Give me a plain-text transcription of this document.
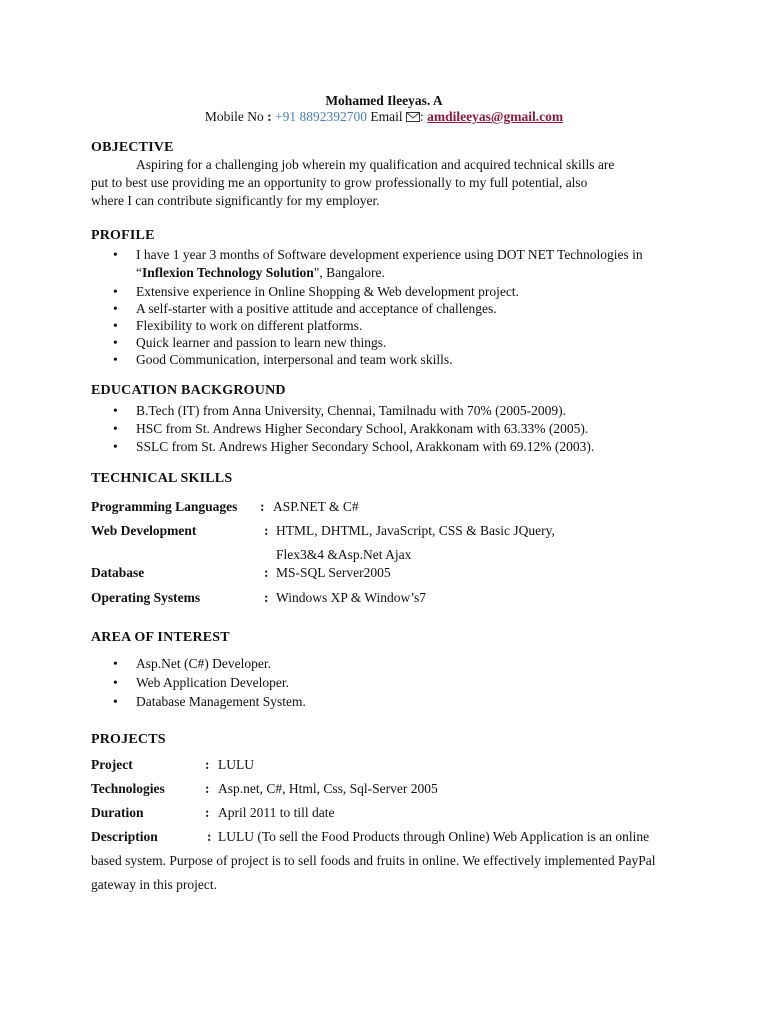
Mohamed Ileeyas. A
Mobile No : +91 8892392700 Email : amdileeyas@gmail.com
OBJECTIVE
Aspiring for a challenging job wherein my qualification and acquired technical skills are
put to best use providing me an opportunity to grow professionally to my full potential, also
where I can contribute significantly for my employer.
PROFILE
• I have 1 year 3 months of Software development experience using DOT NET Technologies in
“Inflexion Technology Solution", Bangalore.
• Extensive experience in Online Shopping & Web development project.
• A self-starter with a positive attitude and acceptance of challenges.
• Flexibility to work on different platforms.
• Quick learner and passion to learn new things.
• Good Communication, interpersonal and team work skills.
EDUCATION BACKGROUND
• B.Tech (IT) from Anna University, Chennai, Tamilnadu with 70% (2005-2009).
• HSC from St. Andrews Higher Secondary School, Arakkonam with 63.33% (2005).
• SSLC from St. Andrews Higher Secondary School, Arakkonam with 69.12% (2003).
TECHNICAL SKILLS
Programming Languages : ASP.NET & C#
Web Development	: HTML, DHTML, JavaScript, CSS & Basic JQuery,
Flex3&4 &Asp.Net Ajax
Database	: MS-SQL Server2005
Operating Systems	: Windows XP & Window’s7
AREA OF INTEREST
• Asp.Net (C#) Developer.
• Web Application Developer.
• Database Management System.
PROJECTS
Project	: LULU
Technologies	: Asp.net, C#, Html, Css, Sql-Server 2005
Duration	: April 2011 to till date
Description	: LULU (To sell the Food Products through Online) Web Application is an online
based system. Purpose of project is to sell foods and fruits in online. We effectively implemented PayPal
gateway in this project.
